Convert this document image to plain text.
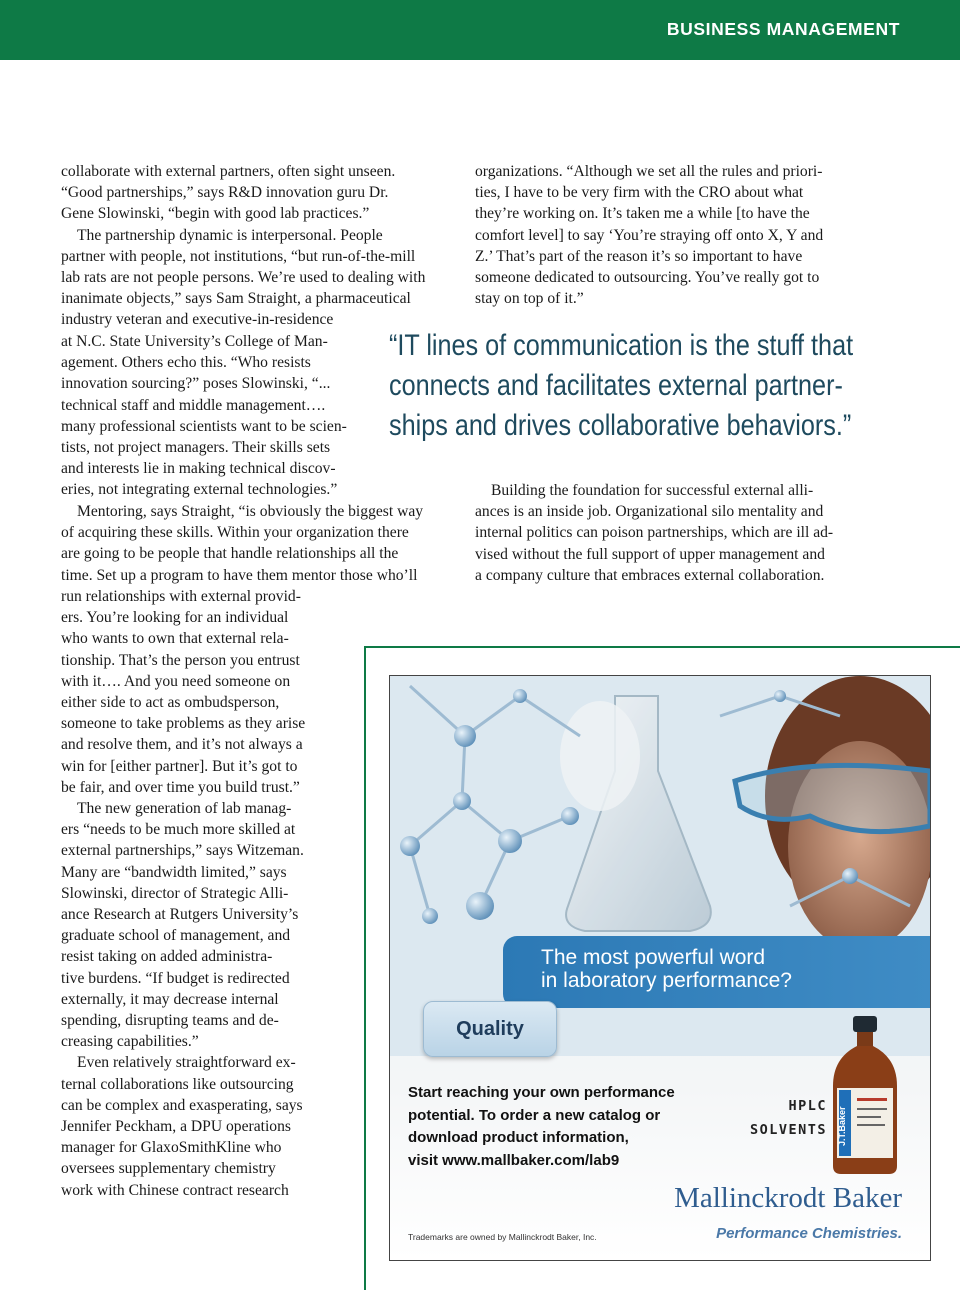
BUSINESS MANAGEMENT

collaborate with external partners, often sight unseen.

“Good partnerships,” says R&D innovation guru Dr.

Gene Slowinski, “begin with good lab practices.”

The partnership dynamic is interpersonal. People

partner with people, not institutions, “but run-of-the-mill

lab rats are not people persons. We’re used to dealing with

inanimate objects,” says Sam Straight, a pharmaceutical

industry veteran and executive-in-residence

at N.C. State University’s College of Man-

agement. Others echo this. “Who resists

innovation sourcing?” poses Slowinski, “...

technical staff and middle management….

many professional scientists want to be scien-

tists, not project managers. Their skills sets

and interests lie in making technical discov-

eries, not integrating external technologies.”

Mentoring, says Straight, “is obviously the biggest way

of acquiring these skills. Within your organization there

are going to be people that handle relationships all the

time. Set up a program to have them mentor those who’ll

run relationships with external provid-

ers. You’re looking for an individual

who wants to own that external rela-

tionship. That’s the person you entrust

with it…. And you need someone on

either side to act as ombudsperson,

someone to take problems as they arise

and resolve them, and it’s not always a

win for [either partner]. But it’s got to

be fair, and over time you build trust.”

The new generation of lab manag-

ers “needs to be much more skilled at

external partnerships,” says Witzeman.

Many are “bandwidth limited,” says

Slowinski, director of Strategic Alli-

ance Research at Rutgers University’s

graduate school of management, and

resist taking on added administra-

tive burdens. “If budget is redirected

externally, it may decrease internal

spending, disrupting teams and de-

creasing capabilities.”

Even relatively straightforward ex-

ternal collaborations like outsourcing

can be complex and exasperating, says

Jennifer Peckham, a DPU operations

manager for GlaxoSmithKline who

oversees supplementary chemistry

work with Chinese contract research

organizations. “Although we set all the rules and priori-

ties, I have to be very firm with the CRO about what

they’re working on. It’s taken me a while [to have the

comfort level] to say ‘You’re straying off onto X, Y and

Z.’ That’s part of the reason it’s so important to have

someone dedicated to outsourcing. You’ve really got to

stay on top of it.”

“IT lines of communication is the stuff that
connects and facilitates external partner-
ships and drives collaborative behaviors.”

Building the foundation for successful external alli-

ances is an inside job. Organizational silo mentality and

internal politics can poison partnerships, which are ill ad-

vised without the full support of upper management and

a company culture that embraces external collaboration.

The most powerful word
in laboratory performance?
Quality
Start reaching your own performance
potential. To order a new catalog or
download product information,
visit www.mallbaker.com/lab9
HPLC
SOLVENTS J.T.Baker
Mallinckrodt Baker
Performance Chemistries.
Trademarks are owned by Mallinckrodt Baker, Inc.
